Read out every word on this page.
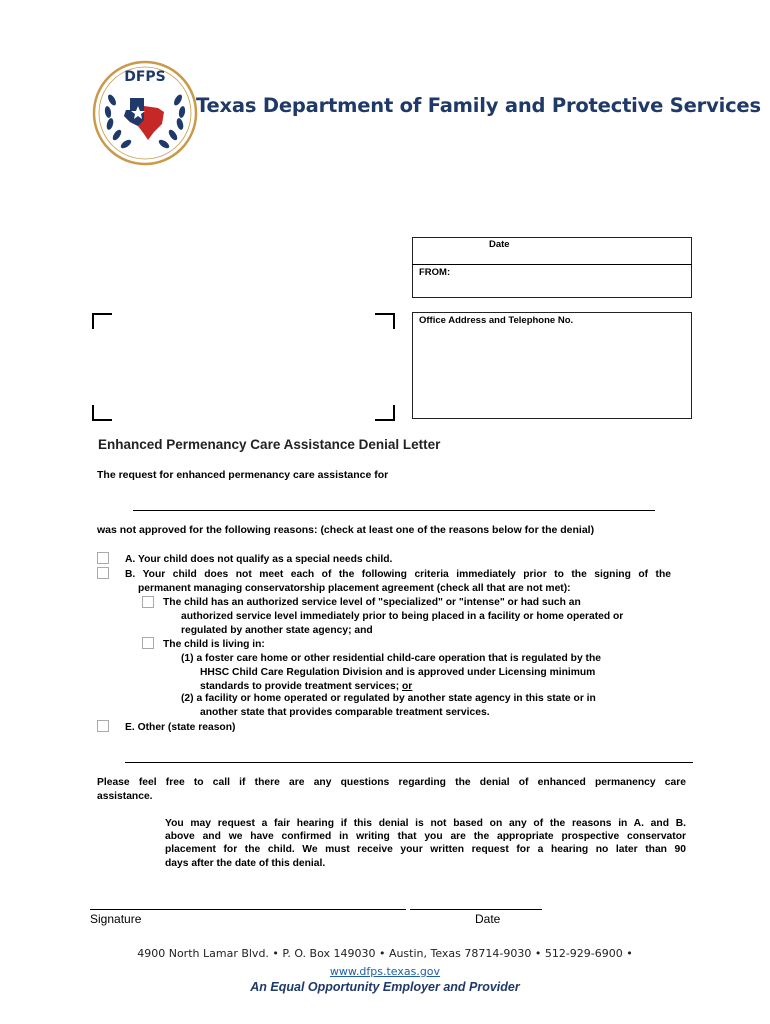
DFPS
Texas Department of Family and Protective Services
Date
FROM:
Office Address and Telephone No.
Enhanced Permenancy Care Assistance Denial Letter
The request for enhanced permenancy care assistance for
was not approved for the following reasons: (check at least one of the reasons below for the denial)
A. Your child does not qualify as a special needs child.
B. Your child does not meet each of the following criteria immediately prior to the signing of the
permanent managing conservatorship placement agreement (check all that are not met):
The child has an authorized service level of "specialized" or "intense" or had such an
authorized service level immediately prior to being placed in a facility or home operated or
regulated by another state agency; and
The child is living in:
(1) a foster care home or other residential child-care operation that is regulated by the
HHSC Child Care Regulation Division and is approved under Licensing minimum
standards to provide treatment services; or
(2) a facility or home operated or regulated by another state agency in this state or in
another state that provides comparable treatment services.
E. Other (state reason)
Please feel free to call if there are any questions regarding the denial of enhanced permanency care
assistance.
You may request a fair hearing if this denial is not based on any of the reasons in A. and B.
above and we have confirmed in writing that you are the appropriate prospective conservator
placement for the child. We must receive your written request for a hearing no later than 90
days after the date of this denial.
Signature	Date
4900 North Lamar Blvd. • P. O. Box 149030 • Austin, Texas 78714-9030 • 512-929-6900 •
www.dfps.texas.gov
An Equal Opportunity Employer and Provider
